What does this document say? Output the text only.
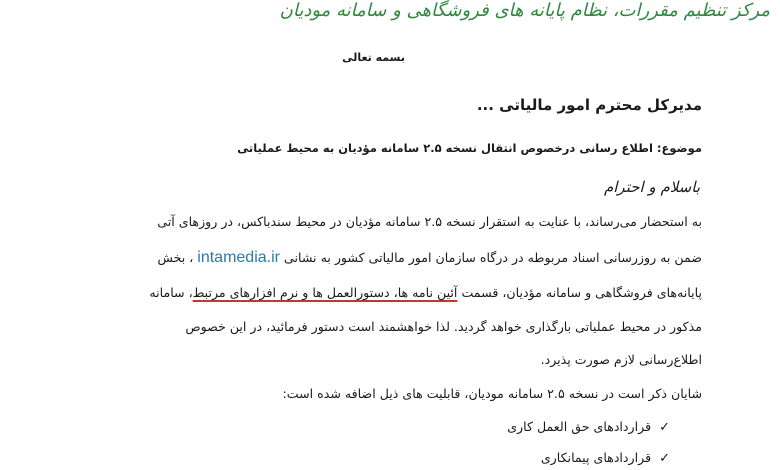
مرکز تنظیم مقررات، نظام پایانه های فروشگاهی و سامانه مودیان
بسمه تعالی
مدیرکل محترم امور مالیاتی ...
موضوع: اطلاع رسانی درخصوص انتقال نسخه ۲.۵ سامانه مؤدیان به محیط عملیاتی
باسلام و احترام
به استحضار می‌رساند، با عنایت به استقرار نسخه ۲.۵ سامانه مؤدیان در محیط سندباکس، در روزهای آتی
ضمن به روزرسانی اسناد مربوطه در درگاه سازمان امور مالیاتی کشور به نشانیintamedia.ir، بخش
پایانه‌های فروشگاهی و سامانه مؤدیان، قسمت آئین نامه ها، دستورالعمل ها و نرم افزارهای مرتبط، سامانه
مذکور در محیط عملیاتی بارگذاری خواهد گردید. لذا خواهشمند است دستور فرمائید، در این خصوص
اطلاع‌رسانی لازم صورت پذیرد.
شایان ذکر است در نسخه ۲.۵ سامانه مودیان، قابلیت های ذیل اضافه شده است:
✓قراردادهای حق العمل کاری
✓قراردادهای پیمانکاری
